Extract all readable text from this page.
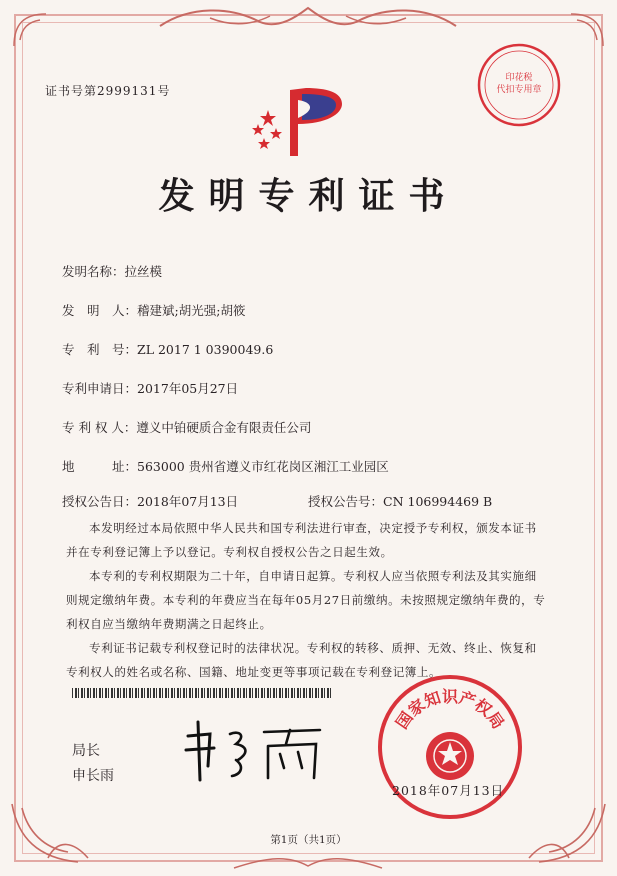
证书号第2999131号
印花税
代扣专用章
发明专利证书
发明名称：拉丝模
发　明　人：稽建斌;胡光强;胡筱
专　利　号：ZL 2017 1 0390049.6
专利申请日：2017年05月27日
专 利 权 人：遵义中铂硬质合金有限责任公司
地　　　址：563000 贵州省遵义市红花岗区湘江工业园区
授权公告日：2018年07月13日	授权公告号：CN 106994469 B

本发明经过本局依照中华人民共和国专利法进行审查，决定授予专利权，颁发本证书并在专利登记簿上予以登记。专利权自授权公告之日起生效。

本专利的专利权期限为二十年，自申请日起算。专利权人应当依照专利法及其实施细则规定缴纳年费。本专利的年费应当在每年05月27日前缴纳。未按照规定缴纳年费的，专利权自应当缴纳年费期满之日起终止。

专利证书记载专利权登记时的法律状况。专利权的转移、质押、无效、终止、恢复和专利权人的姓名或名称、国籍、地址变更等事项记载在专利登记簿上。

局长
申长雨
国家知识产权局
2018年07月13日
第1页（共1页）
